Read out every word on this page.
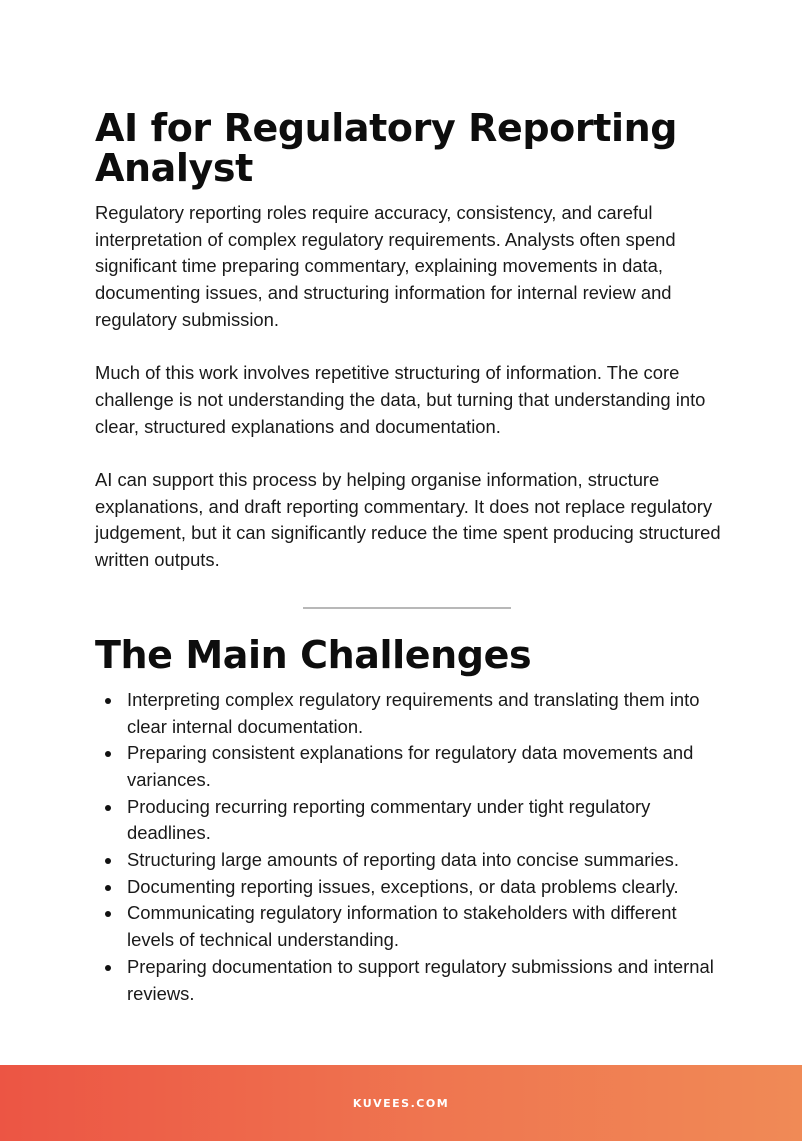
AI for Regulatory Reporting Analyst

Regulatory reporting roles require accuracy, consistency, and careful interpretation of complex regulatory requirements. Analysts often spend significant time preparing commentary, explaining movements in data, documenting issues, and structuring information for internal review and regulatory submission.

Much of this work involves repetitive structuring of information. The core challenge is not understanding the data, but turning that understanding into clear, structured explanations and documentation.

AI can support this process by helping organise information, structure explanations, and draft reporting commentary. It does not replace regulatory judgement, but it can significantly reduce the time spent producing structured written outputs.

The Main Challenges
Interpreting complex regulatory requirements and translating them into clear internal documentation.
Preparing consistent explanations for regulatory data movements and variances.
Producing recurring reporting commentary under tight regulatory deadlines.
Structuring large amounts of reporting data into concise summaries.
Documenting reporting issues, exceptions, or data problems clearly.
Communicating regulatory information to stakeholders with different levels of technical understanding.
Preparing documentation to support regulatory submissions and internal reviews.
KUVEES.COM
